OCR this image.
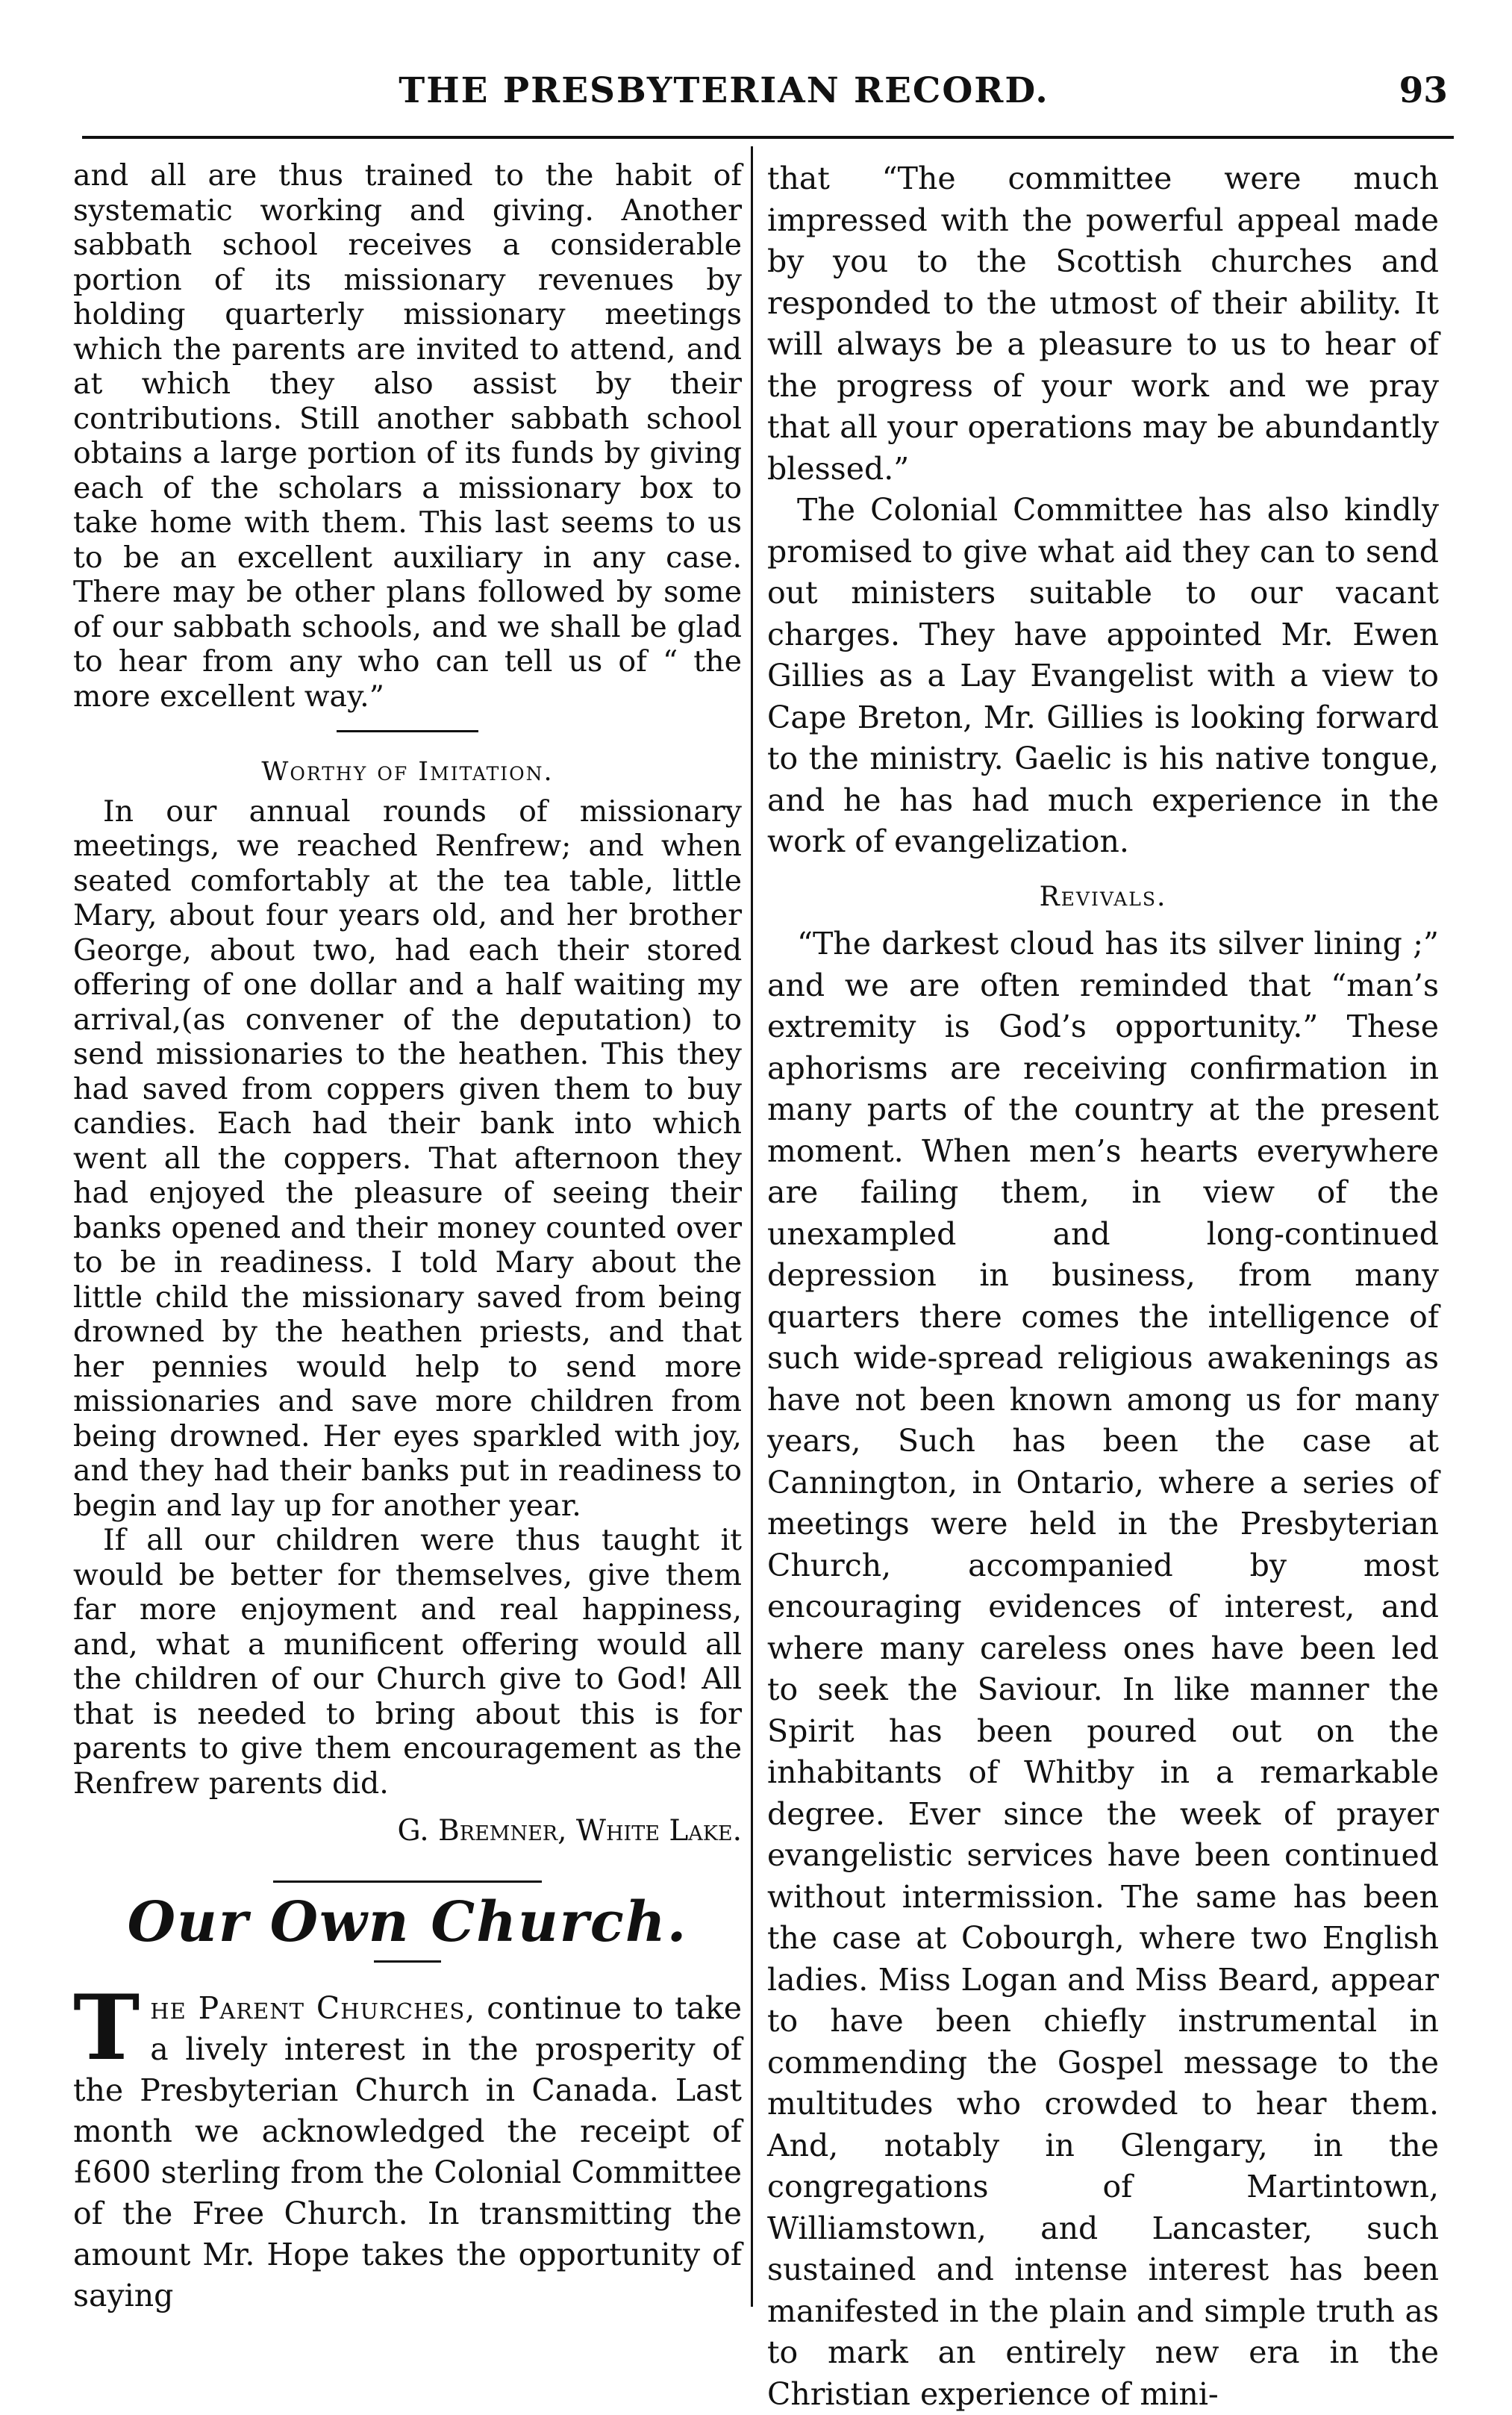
THE PRESBYTERIAN RECORD.	93

and all are thus trained to the habit of systematic working and giving. Another sabbath school receives a considerable portion of its missionary revenues by holding quarterly missionary meetings which the parents are invited to attend, and at which they also assist by their contributions. Still another sabbath school obtains a large portion of its funds by giving each of the scholars a missionary box to take home with them. This last seems to us to be an excellent auxiliary in any case. There may be other plans followed by some of our sabbath schools, and we shall be glad to hear from any who can tell us of “ the more excellent way.”

Worthy of Imitation.

In our annual rounds of missionary meetings, we reached Renfrew; and when seated comfortably at the tea table, little Mary, about four years old, and her brother George, about two, had each their stored offering of one dollar and a half waiting my arrival,(as convener of the deputation) to send missionaries to the heathen. This they had saved from coppers given them to buy candies. Each had their bank into which went all the coppers. That afternoon they had enjoyed the pleasure of seeing their banks opened and their money counted over to be in readiness. I told Mary about the little child the missionary saved from being drowned by the heathen priests, and that her pennies would help to send more missionaries and save more children from being drowned. Her eyes sparkled with joy, and they had their banks put in readiness to begin and lay up for another year.

If all our children were thus taught it would be better for themselves, give them far more enjoyment and real happiness, and, what a munificent offering would all the children of our Church give to God! All that is needed to bring about this is for parents to give them encouragement as the Renfrew parents did.

G. Bremner, White Lake.
Our Own Church.

The Parent Churches, continue to take a lively interest in the prosperity of the Presbyterian Church in Canada. Last month we acknowledged the receipt of £600 sterling from the Colonial Committee of the Free Church. In transmitting the amount Mr. Hope takes the opportunity of saying

that “The committee were much impressed with the powerful appeal made by you to the Scottish churches and responded to the utmost of their ability. It will always be a pleasure to us to hear of the progress of your work and we pray that all your operations may be abundantly blessed.”

The Colonial Committee has also kindly promised to give what aid they can to send out ministers suitable to our vacant charges. They have appointed Mr. Ewen Gillies as a Lay Evangelist with a view to Cape Breton, Mr. Gillies is looking forward to the ministry. Gaelic is his native tongue, and he has had much experience in the work of evangelization.

Revivals.

“The darkest cloud has its silver lining ;” and we are often reminded that “man’s extremity is God’s opportunity.” These aphorisms are receiving confirmation in many parts of the country at the present moment. When men’s hearts everywhere are failing them, in view of the unexampled and long-continued depression in business, from many quarters there comes the intelligence of such wide-spread religious awakenings as have not been known among us for many years, Such has been the case at Cannington, in Ontario, where a series of meetings were held in the Presbyterian Church, accompanied by most encouraging evidences of interest, and where many careless ones have been led to seek the Saviour. In like manner the Spirit has been poured out on the inhabitants of Whitby in a remarkable degree. Ever since the week of prayer evangelistic services have been continued without intermission. The same has been the case at Cobourgh, where two English ladies. Miss Logan and Miss Beard, appear to have been chiefly instrumental in commending the Gospel message to the multitudes who crowded to hear them. And, notably in Glengary, in the congregations of Martintown, Williamstown, and Lancaster, such sustained and intense interest has been manifested in the plain and simple truth as to mark an entirely new era in the Christian experience of mini-
